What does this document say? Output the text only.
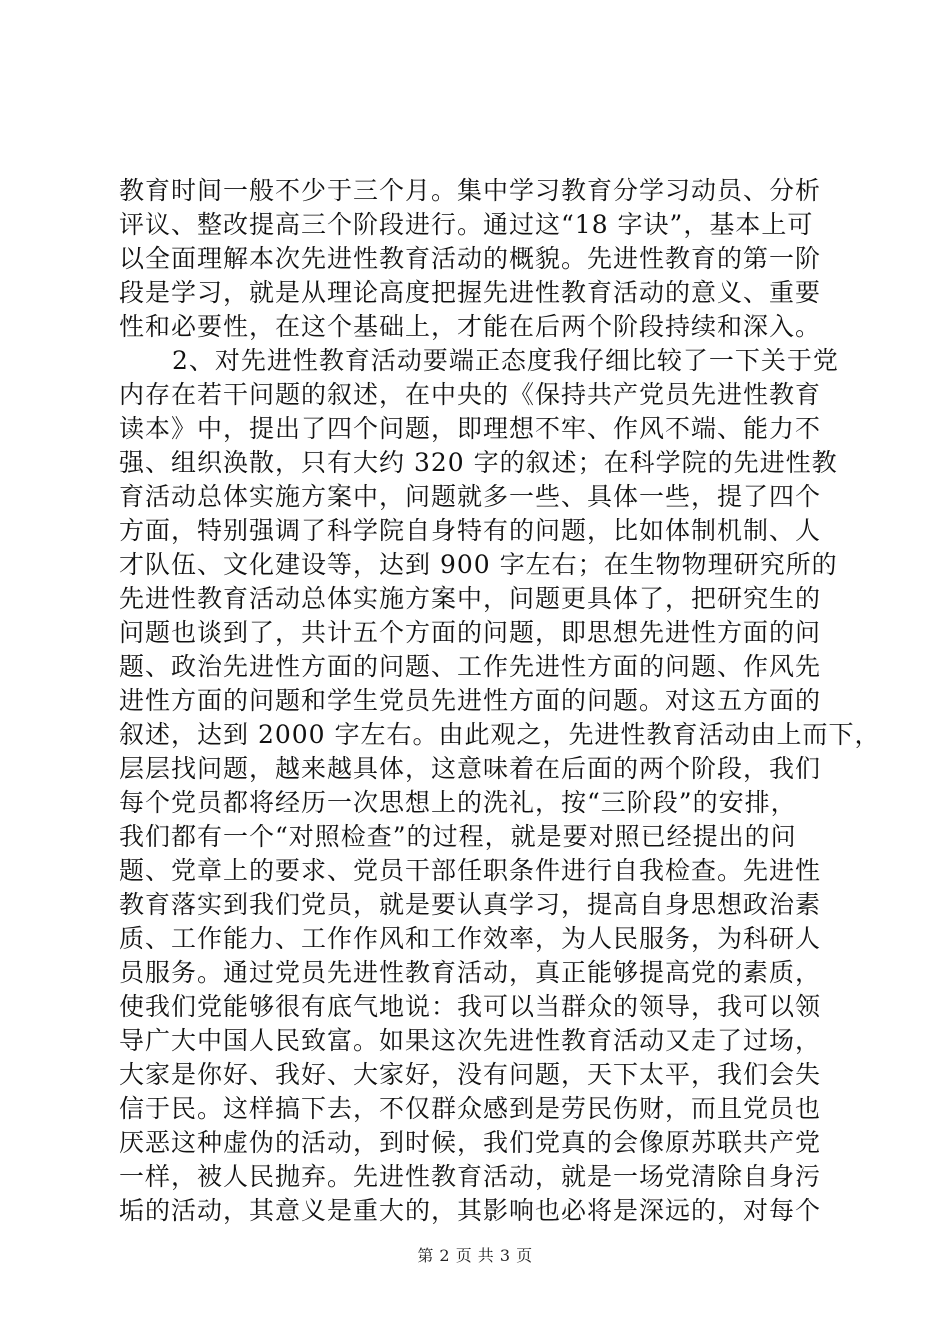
教育时间一般不少于三个月。集中学习教育分学习动员、分析
评议、整改提高三个阶段进行。通过这“18 字诀”，基本上可
以全面理解本次先进性教育活动的概貌。先进性教育的第一阶
段是学习，就是从理论高度把握先进性教育活动的意义、重要
性和必要性，在这个基础上，才能在后两个阶段持续和深入。
2、对先进性教育活动要端正态度我仔细比较了一下关于党
内存在若干问题的叙述，在中央的《保持共产党员先进性教育
读本》中，提出了四个问题，即理想不牢、作风不端、能力不
强、组织涣散，只有大约 320 字的叙述；在科学院的先进性教
育活动总体实施方案中，问题就多一些、具体一些，提了四个
方面，特别强调了科学院自身特有的问题，比如体制机制、人
才队伍、文化建设等，达到 900 字左右；在生物物理研究所的
先进性教育活动总体实施方案中，问题更具体了，把研究生的
问题也谈到了，共计五个方面的问题，即思想先进性方面的问
题、政治先进性方面的问题、工作先进性方面的问题、作风先
进性方面的问题和学生党员先进性方面的问题。对这五方面的
叙述，达到 2000 字左右。由此观之，先进性教育活动由上而下，
层层找问题，越来越具体，这意味着在后面的两个阶段，我们
每个党员都将经历一次思想上的洗礼，按“三阶段”的安排，
我们都有一个“对照检查”的过程，就是要对照已经提出的问
题、党章上的要求、党员干部任职条件进行自我检查。先进性
教育落实到我们党员，就是要认真学习，提高自身思想政治素
质、工作能力、工作作风和工作效率，为人民服务，为科研人
员服务。通过党员先进性教育活动，真正能够提高党的素质，
使我们党能够很有底气地说：我可以当群众的领导，我可以领
导广大中国人民致富。如果这次先进性教育活动又走了过场，
大家是你好、我好、大家好，没有问题，天下太平，我们会失
信于民。这样搞下去，不仅群众感到是劳民伤财，而且党员也
厌恶这种虚伪的活动，到时候，我们党真的会像原苏联共产党
一样，被人民抛弃。先进性教育活动，就是一场党清除自身污
垢的活动，其意义是重大的，其影响也必将是深远的，对每个
第 2 页 共 3 页
